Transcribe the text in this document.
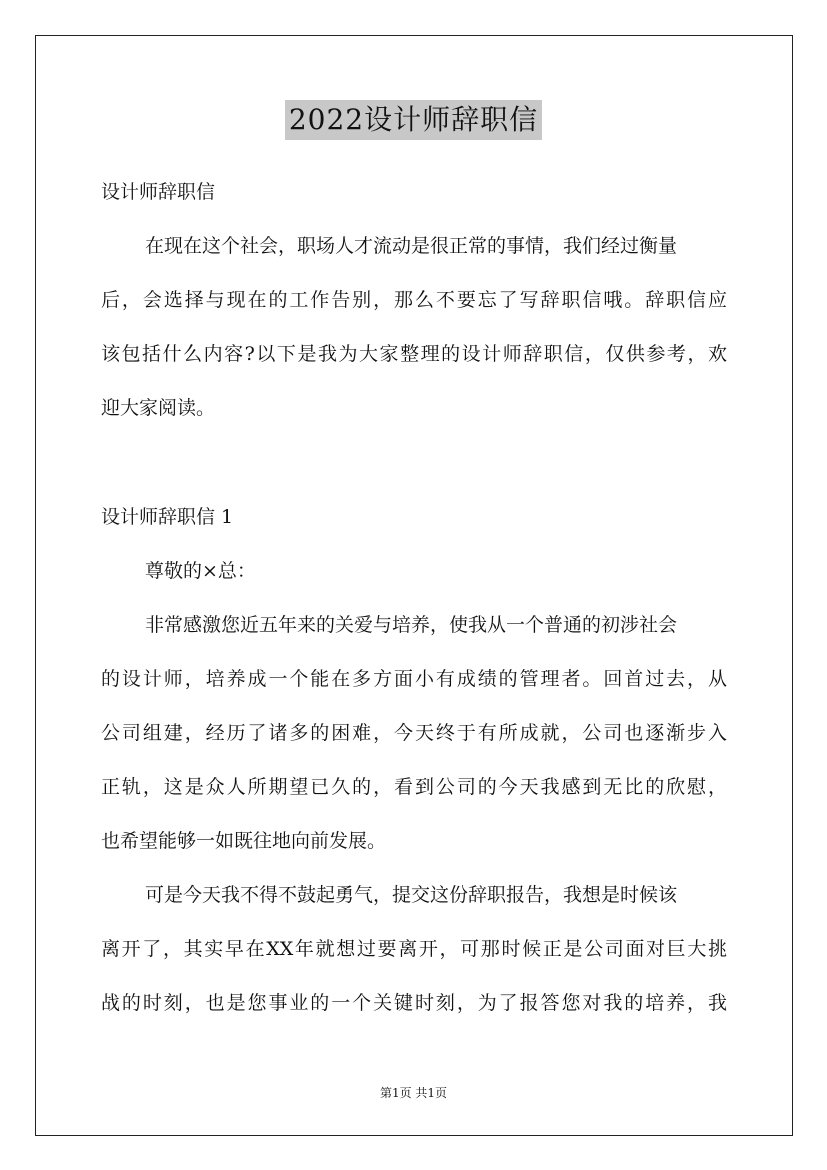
2022设计师辞职信
设计师辞职信
在现在这个社会，职场人才流动是很正常的事情，我们经过衡量
后，会选择与现在的工作告别，那么不要忘了写辞职信哦。辞职信应
该包括什么内容?以下是我为大家整理的设计师辞职信，仅供参考，欢
迎大家阅读。
设计师辞职信 1
尊敬的×总：
非常感激您近五年来的关爱与培养，使我从一个普通的初涉社会
的设计师，培养成一个能在多方面小有成绩的管理者。回首过去，从
公司组建，经历了诸多的困难，今天终于有所成就，公司也逐渐步入
正轨，这是众人所期望已久的，看到公司的今天我感到无比的欣慰，
也希望能够一如既往地向前发展。
可是今天我不得不鼓起勇气，提交这份辞职报告，我想是时候该
离开了，其实早在XX年就想过要离开，可那时候正是公司面对巨大挑
战的时刻，也是您事业的一个关键时刻，为了报答您对我的培养，我
第1页 共1页
